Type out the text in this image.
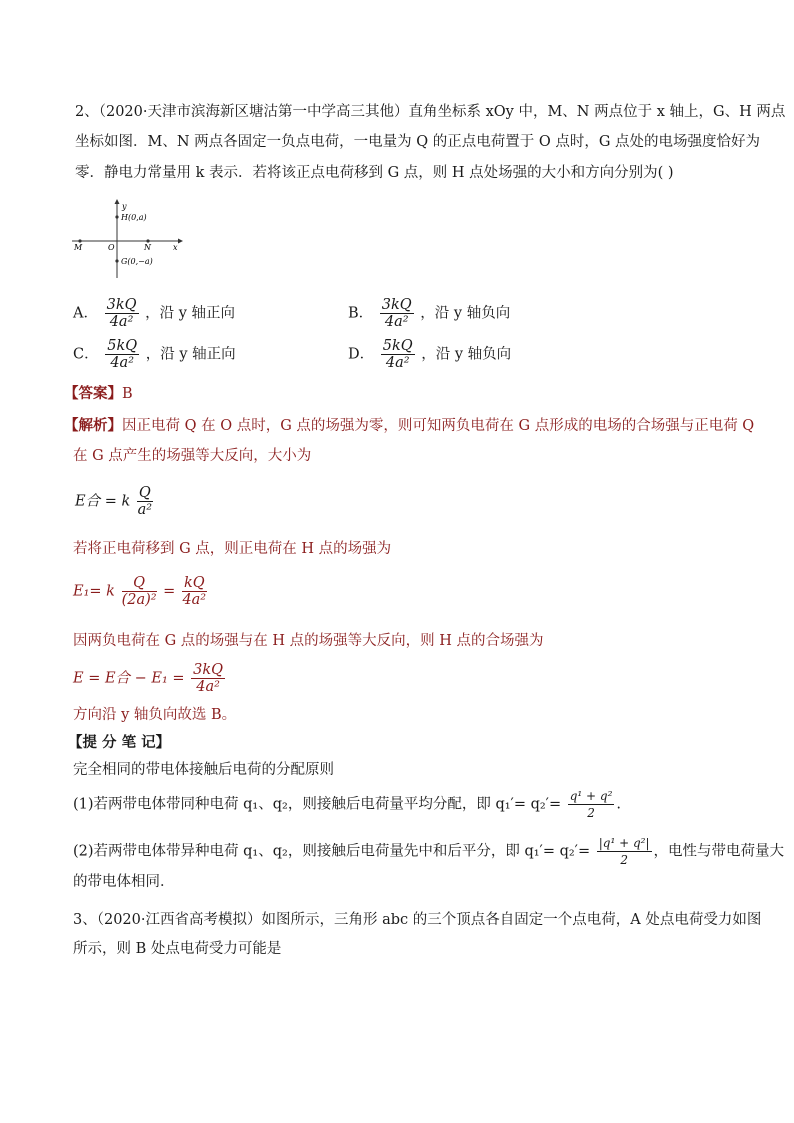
2、（2020·天津市滨海新区塘沽第一中学高三其他）直角坐标系 xOy 中，M、N 两点位于 x 轴上，G、H 两点
坐标如图．M、N 两点各固定一负点电荷，一电量为 Q 的正点电荷置于 O 点时，G 点处的电场强度恰好为
零．静电力常量用 k 表示．若将该正点电荷移到 G 点，则 H 点处场强的大小和方向分别为( )
y
x
H(0,a)
G(0,−a)
M	O	N
A． $\frac{3kQ}{\text{4a²}}$ ，沿 y 轴正向	B． $\frac{3kQ}{\text{4a²}}$ ，沿 y 轴负向
C． $\frac{5kQ}{\text{4a²}}$ ，沿 y 轴正向	D． $\frac{5kQ}{\text{4a²}}$ ，沿 y 轴负向
【答案】B
【解析】因正电荷 Q 在 O 点时，G 点的场强为零，则可知两负电荷在 G 点形成的电场的合场强与正电荷 Q
在 G 点产生的场强等大反向，大小为
E合 = k $\frac{Q}{\text{a²}}$
若将正电荷移到 G 点，则正电荷在 H 点的场强为
E₁= k $\frac{Q}{\text{(2a)²}} = \frac{kQ}{\text{4a²}}$
因两负电荷在 G 点的场强与在 H 点的场强等大反向，则 H 点的合场强为
E = E合 − $E_1 = \frac{3kQ}{\text{4a²}}$
方向沿 y 轴负向故选 B。
【提 分 笔 记】
完全相同的带电体接触后电荷的分配原则
(1)若两带电体带同种电荷 q₁、q₂，则接触后电荷量平均分配，即 $q_1'= q_2'= \frac{\text{q¹ + q²}}{2}$ .
(2)若两带电体带异种电荷 q₁、q₂，则接触后电荷量先中和后平分，即 $q_1'= q_2'= \frac{\text{|q¹ + q²|}}{2}$ ，电性与带电荷量大
的带电体相同．
3、（2020·江西省高考模拟）如图所示，三角形 abc 的三个顶点各自固定一个点电荷，A 处点电荷受力如图
所示，则 B 处点电荷受力可能是
